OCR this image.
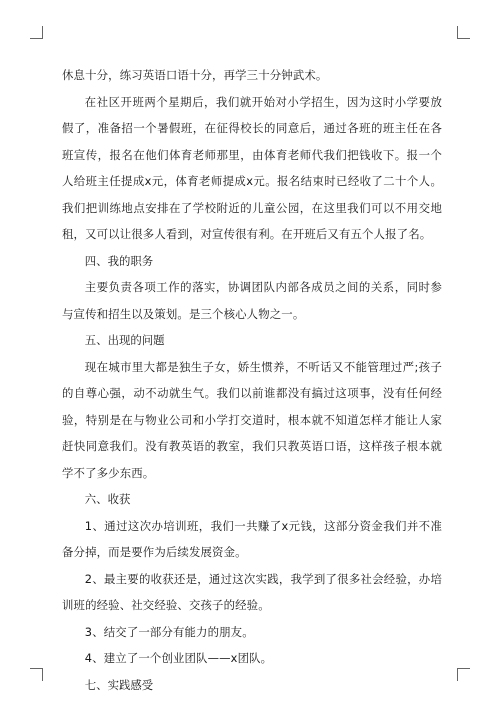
休息十分，练习英语口语十分，再学三十分钟武术。

在社区开班两个星期后，我们就开始对小学招生，因为这时小学要放假了，准备招一个暑假班，在征得校长的同意后，通过各班的班主任在各班宣传，报名在他们体育老师那里，由体育老师代我们把钱收下。报一个人给班主任提成x元，体育老师提成x元。报名结束时已经收了二十个人。我们把训练地点安排在了学校附近的儿童公园，在这里我们可以不用交地租，又可以让很多人看到，对宣传很有利。在开班后又有五个人报了名。

四、我的职务

主要负责各项工作的落实，协调团队内部各成员之间的关系，同时参与宣传和招生以及策划。是三个核心人物之一。

五、出现的问题

现在城市里大都是独生子女，娇生惯养，不听话又不能管理过严;孩子的自尊心强，动不动就生气。我们以前谁都没有搞过这项事，没有任何经验，特别是在与物业公司和小学打交道时，根本就不知道怎样才能让人家赶快同意我们。没有教英语的教室，我们只教英语口语，这样孩子根本就学不了多少东西。

六、收获

1、通过这次办培训班，我们一共赚了x元钱，这部分资金我们并不准备分掉，而是要作为后续发展资金。

2、最主要的收获还是，通过这次实践，我学到了很多社会经验，办培训班的经验、社交经验、交孩子的经验。

3、结交了一部分有能力的朋友。

4、建立了一个创业团队——x团队。

七、实践感受
